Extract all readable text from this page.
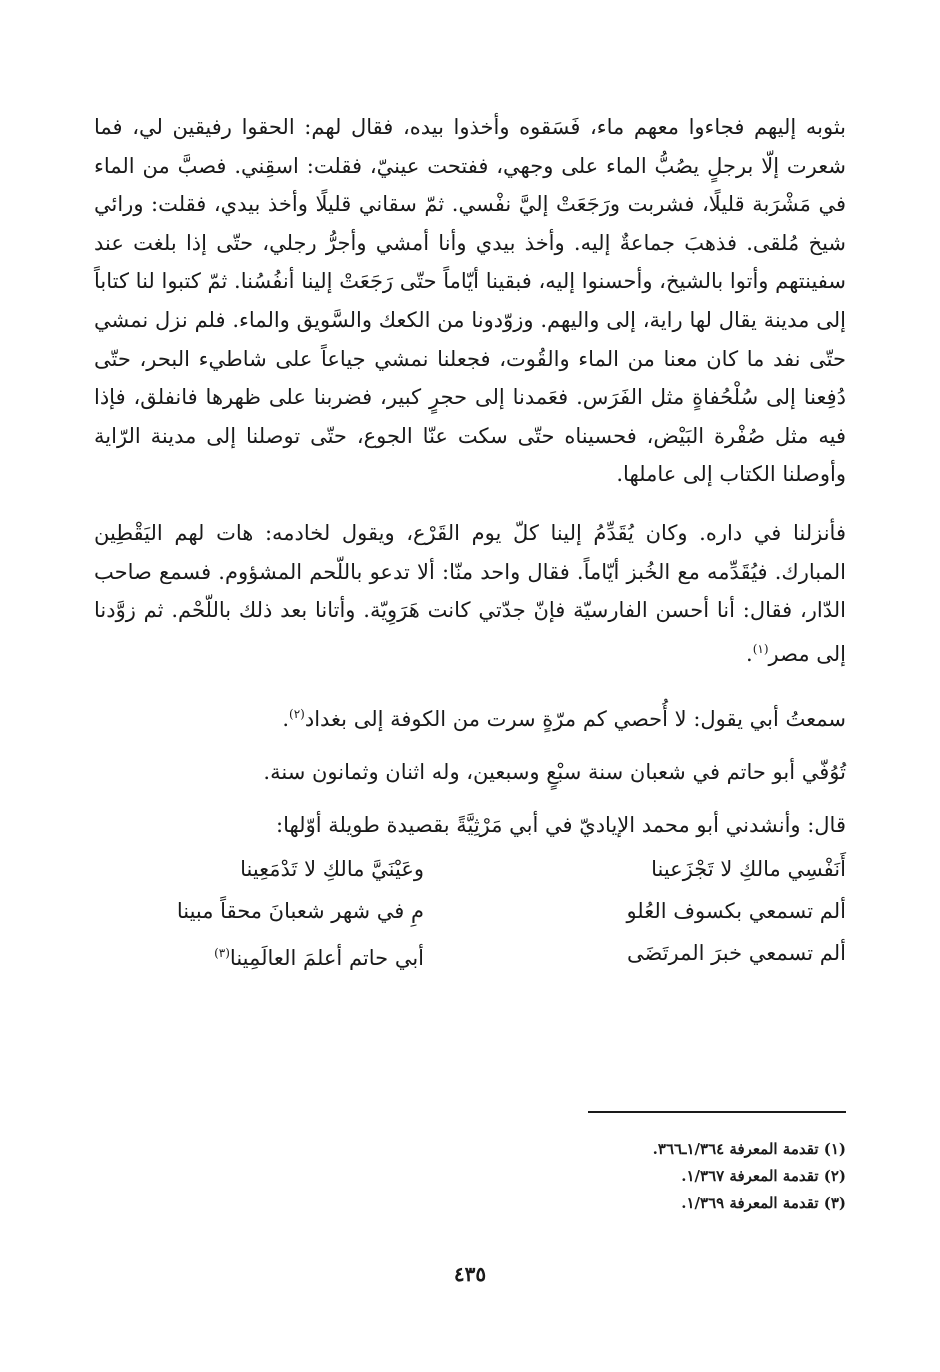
بثوبه إليهم فجاءوا معهم ماء، فَسَقوه وأخذوا بيده، فقال لهم: الحقوا رفيقين لي، فما شعرت إلّا برجلٍ يصُبُّ الماء على وجهي، ففتحت عينيّ، فقلت: اسقِني. فصبَّ من الماء في مَشْرَبة قليلًا، فشربت ورَجَعَتْ إليَّ نفْسي. ثمّ سقاني قليلًا وأخذ بيدي، فقلت: ورائي شيخ مُلقى. فذهبَ جماعةٌ إليه. وأخذ بيدي وأنا أمشي وأجرُّ رجلي، حتّى إذا بلغت عند سفينتهم وأتوا بالشيخ، وأحسنوا إليه، فبقينا أيّاماً حتّى رَجَعَتْ إلينا أنفُسُنا. ثمّ كتبوا لنا كتاباً إلى مدينة يقال لها راية، إلى واليهم. وزوّدونا من الكعك والسَّويق والماء. فلم نزل نمشي حتّى نفد ما كان معنا من الماء والقُوت، فجعلنا نمشي جياعاً على شاطيء البحر، حتّى دُفِعنا إلى سُلْحُفاةٍ مثل الفَرَس. فعَمدنا إلى حجرٍ كبير، فضربنا على ظهرها فانفلق، فإذا فيه مثل صُفْرة البَيْض، فحسيناه حتّى سكت عنّا الجوع، حتّى توصلنا إلى مدينة الرّاية وأوصلنا الكتاب إلى عاملها.

فأنزلنا في داره. وكان يُقَدِّمُ إلينا كلّ يوم القَرْع، ويقول لخادمه: هات لهم اليَقْطِين المبارك. فيُقَدِّمه مع الخُبز أيّاماً. فقال واحد منّا: ألا تدعو باللّحم المشؤوم. فسمع صاحب الدّار، فقال: أنا أحسن الفارسيّة فإنّ جدّتي كانت هَرَوِيّة. وأتانا بعد ذلك باللّحْم. ثم زوَّدنا إلى مصر$^{(١)}$.

سمعتُ أبي يقول: لا أُحصي كم مرّةٍ سرت من الكوفة إلى بغداد$^{(٢)}$.

تُوُفّي أبو حاتم في شعبان سنة سبْعٍ وسبعين، وله اثنان وثمانون سنة.

قال: وأنشدني أبو محمد الإياديّ في أبي مَرْثِيَّةً بقصيدة طويلة أوّلها:

أَنَفْسِي مالكِ لا تَجْزَعينا
وعَيْنَيَّ مالكِ لا تَدْمَعِينا
ألم تسمعي بكسوف العُلو
مِ في شهر شعبانَ محقاً مبينا
ألم تسمعي خبرَ المرتَضَى
أبي حاتم أعلمَ العالَمِينا$^{(٣)}$
(١) تقدمة المعرفة ١/٣٦٤ـ٣٦٦.
(٢) تقدمة المعرفة ١/٣٦٧.
(٣) تقدمة المعرفة ١/٣٦٩.
٤٣٥
